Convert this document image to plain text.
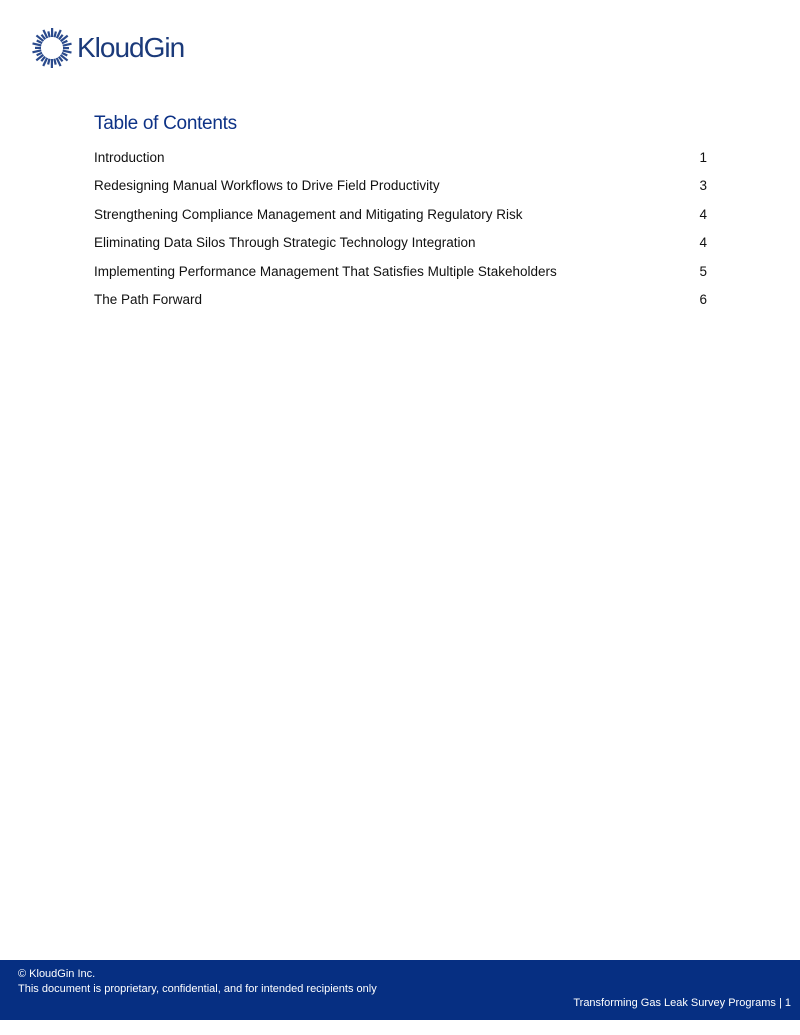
KloudGin
Table of Contents
Introduction	1
Redesigning Manual Workflows to Drive Field Productivity	3
Strengthening Compliance Management and Mitigating Regulatory Risk	4
Eliminating Data Silos Through Strategic Technology Integration	4
Implementing Performance Management That Satisfies Multiple Stakeholders	5
The Path Forward	6
© KloudGin Inc.
This document is proprietary, confidential, and for intended recipients only
Transforming Gas Leak Survey Programs | 1
